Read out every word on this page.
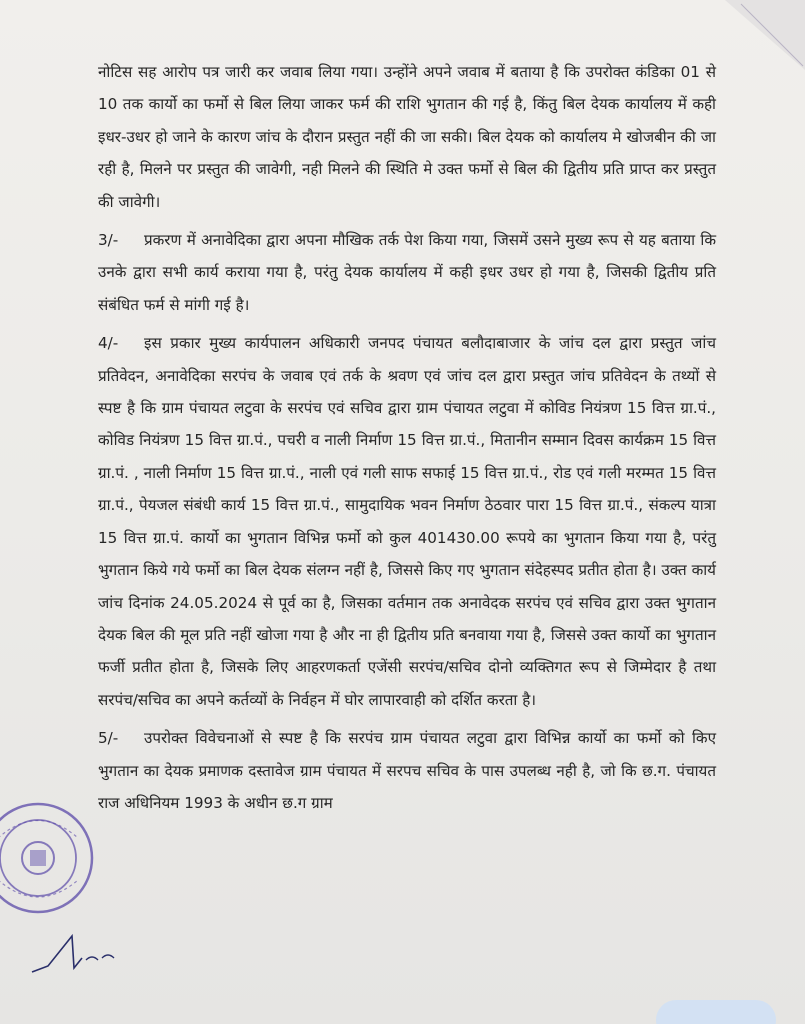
नोटिस सह आरोप पत्र जारी कर जवाब लिया गया। उन्होंने अपने जवाब में बताया है कि उपरोक्त कंडिका 01 से 10 तक कार्यो का फर्मो से बिल लिया जाकर फर्म की राशि भुगतान की गई है, किंतु बिल देयक कार्यालय में कही इधर-उधर हो जाने के कारण जांच के दौरान प्रस्तुत नहीं की जा सकी। बिल देयक को कार्यालय मे खोजबीन की जा रही है, मिलने पर प्रस्तुत की जावेगी, नही मिलने की स्थिति मे उक्त फर्मो से बिल की द्वितीय प्रति प्राप्त कर प्रस्तुत की जावेगी।

3/- प्रकरण में अनावेदिका द्वारा अपना मौखिक तर्क पेश किया गया, जिसमें उसने मुख्य रूप से यह बताया कि उनके द्वारा सभी कार्य कराया गया है, परंतु देयक कार्यालय में कही इधर उधर हो गया है, जिसकी द्वितीय प्रति संबंधित फर्म से मांगी गई है।

4/- इस प्रकार मुख्य कार्यपालन अधिकारी जनपद पंचायत बलौदाबाजार के जांच दल द्वारा प्रस्तुत जांच प्रतिवेदन, अनावेदिका सरपंच के जवाब एवं तर्क के श्रवण एवं जांच दल द्वारा प्रस्तुत जांच प्रतिवेदन के तथ्यों से स्पष्ट है कि ग्राम पंचायत लटुवा के सरपंच एवं सचिव द्वारा ग्राम पंचायत लटुवा में कोविड नियंत्रण 15 वित्त ग्रा.पं., कोविड नियंत्रण 15 वित्त ग्रा.पं., पचरी व नाली निर्माण 15 वित्त ग्रा.पं., मितानीन सम्मान दिवस कार्यक्रम 15 वित्त ग्रा.पं. , नाली निर्माण 15 वित्त ग्रा.पं., नाली एवं गली साफ सफाई 15 वित्त ग्रा.पं., रोड एवं गली मरम्मत 15 वित्त ग्रा.पं., पेयजल संबंधी कार्य 15 वित्त ग्रा.पं., सामुदायिक भवन निर्माण ठेठवार पारा 15 वित्त ग्रा.पं., संकल्प यात्रा 15 वित्त ग्रा.पं. कार्यो का भुगतान विभिन्न फर्मो को कुल 401430.00 रूपये का भुगतान किया गया है, परंतु भुगतान किये गये फर्मो का बिल देयक संलग्न नहीं है, जिससे किए गए भुगतान संदेहस्पद प्रतीत होता है। उक्त कार्य जांच दिनांक 24.05.2024 से पूर्व का है, जिसका वर्तमान तक अनावेदक सरपंच एवं सचिव द्वारा उक्त भुगतान देयक बिल की मूल प्रति नहीं खोजा गया है और ना ही द्वितीय प्रति बनवाया गया है, जिससे उक्त कार्यो का भुगतान फर्जी प्रतीत होता है, जिसके लिए आहरणकर्ता एजेंसी सरपंच/सचिव दोनो व्यक्तिगत रूप से जिम्मेदार है तथा सरपंच/सचिव का अपने कर्तव्यों के निर्वहन में घोर लापारवाही को दर्शित करता है।

5/- उपरोक्त विवेचनाओं से स्पष्ट है कि सरपंच ग्राम पंचायत लटुवा द्वारा विभिन्न कार्यो का फर्मो को किए भुगतान का देयक प्रमाणक दस्तावेज ग्राम पंचायत में सरपच सचिव के पास उपलब्ध नही है, जो कि छ.ग. पंचायत राज अधिनियम 1993 के अधीन छ.ग ग्राम
